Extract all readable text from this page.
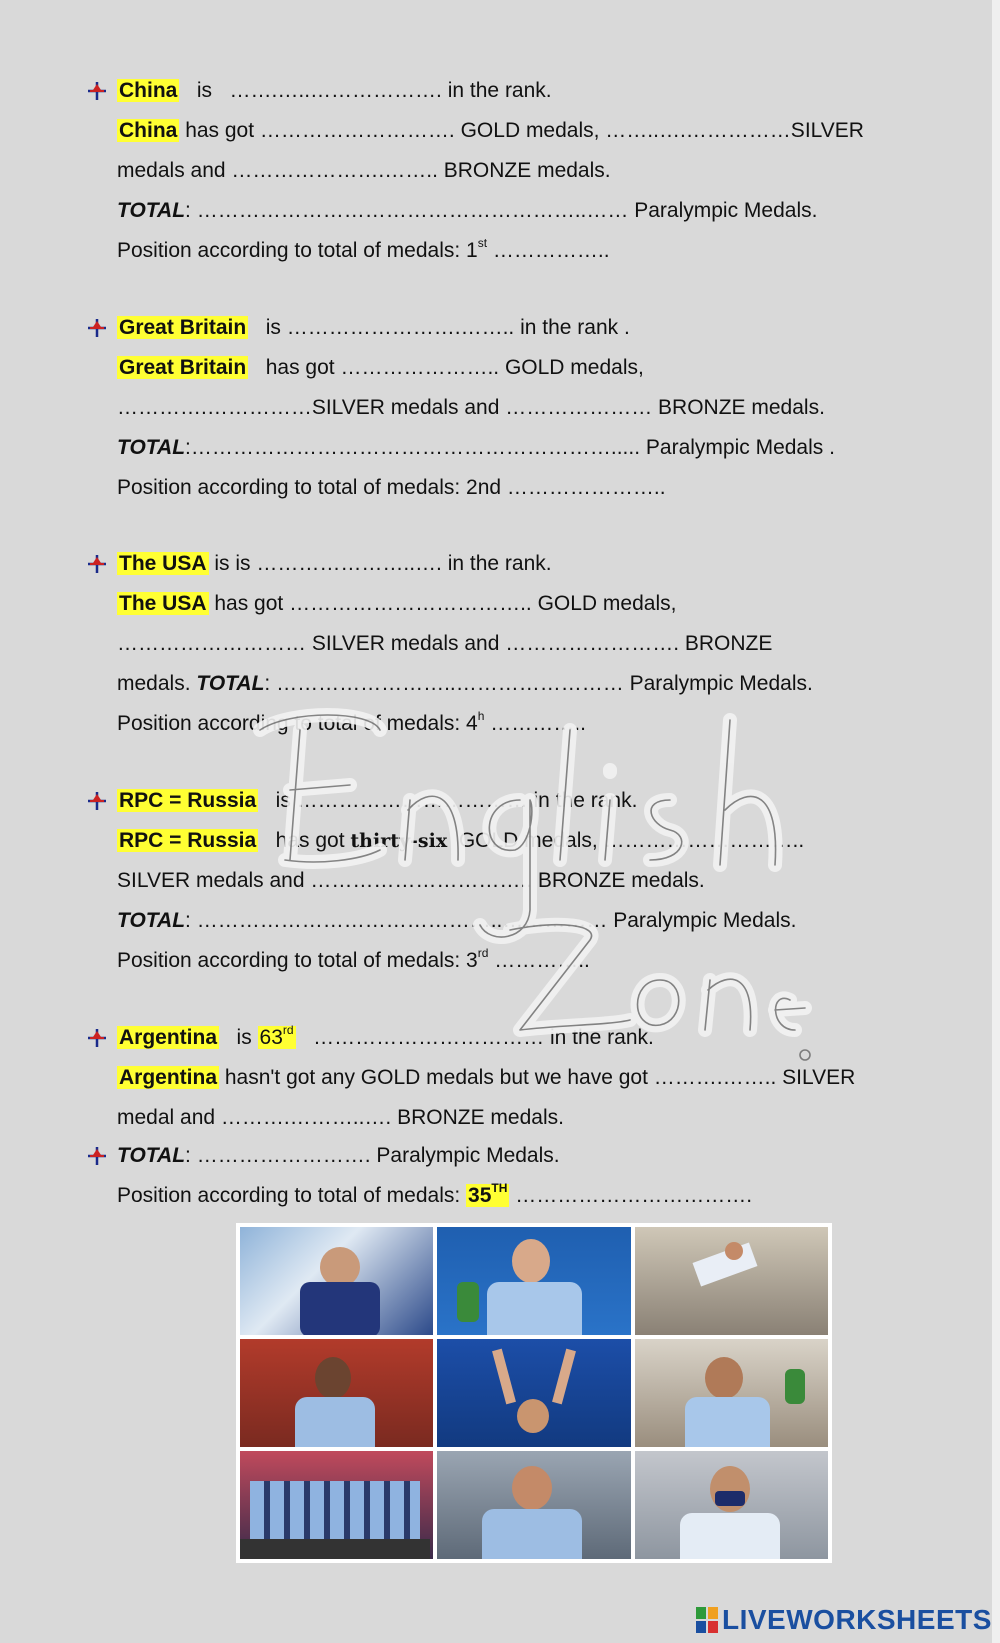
China is …….…..………………. in the rank.
China has got ………………………. GOLD medals, ……..….……………SILVER
medals and ………………….…….. BRONZE medals.
TOTAL: ………………………………………………..…… Paralympic Medals.
Position according to total of medals: 1st ……………..
Great Britain is …………………….…….. in the rank .
Great Britain has got ………………….. GOLD medals,
………….……………SILVER medals and ………………… BRONZE medals.
TOTAL:……………………………………………………..... Paralympic Medals .
Position according to total of medals: 2nd …………………..
The USA is is …………………..…. in the rank.
The USA has got …………………………….. GOLD medals,
……………………… SILVER medals and ……………………. BRONZE
medals. TOTAL: ……………………..…………………… Paralympic Medals.
Position according to total of medals: 4$^h$ …………..
RPC = Russia is …………………………… in the rank.
RPC = Russia has got thirty-six GOLD medals, ………………………..
SILVER medals and ………………………….. BRONZE medals.
TOTAL: ……………………………………..…………… Paralympic Medals.
Position according to total of medals: 3rd …………..
Argentina is 63rd …………………………… in the rank.
Argentina hasn't got any GOLD medals but we have got ……….…….. SILVER
medal and ……….………..…. BRONZE medals.
TOTAL: ……………………. Paralympic Medals.
Position according to total of medals: 35TH …………………………….
LIVEWORKSHEETS
